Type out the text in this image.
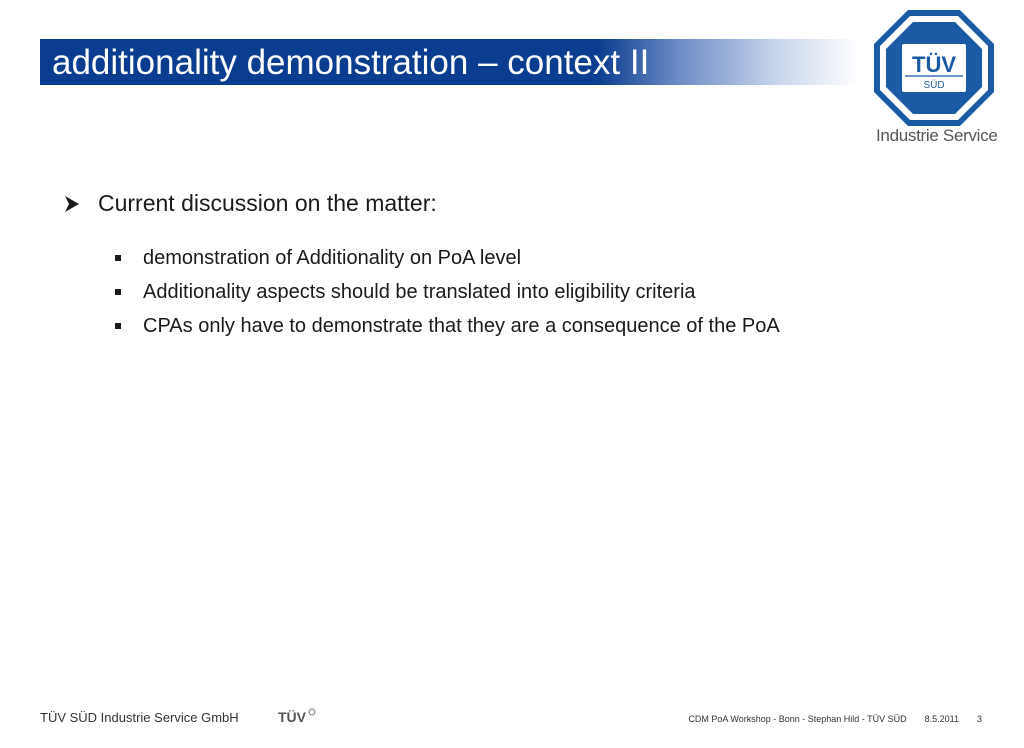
additionality demonstration – context II	TÜV
SÜD
Industrie Service
Current discussion on the matter:
demonstration of Additionality on PoA level
Additionality aspects should be translated into eligibility criteria
CPAs only have to demonstrate that they are a consequence of the PoA
TÜV SÜD Industrie Service GmbH	TÜV	CDM PoA Workshop - Bonn - Stephan Hild - TÜV SÜD 8.5.2011 3
